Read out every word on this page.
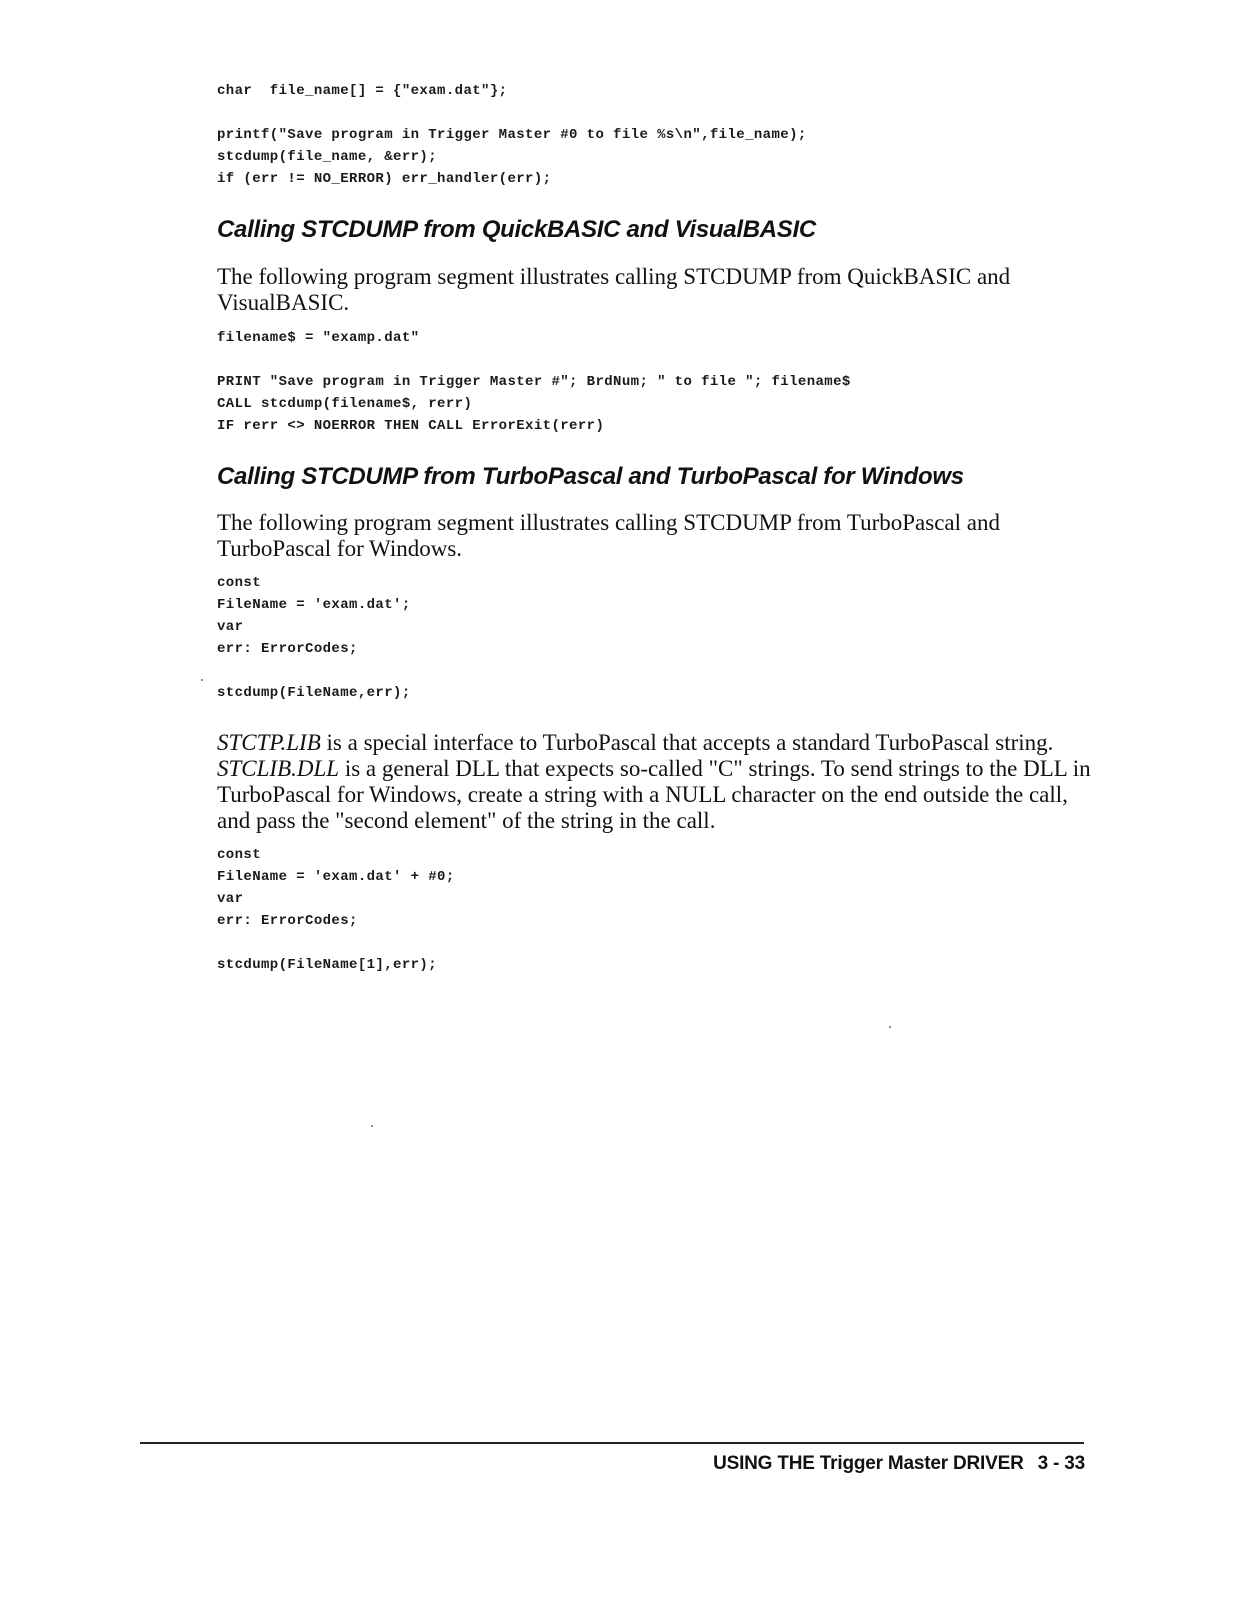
char  file_name[] = {"exam.dat"};

printf("Save program in Trigger Master #0 to file %s\n",file_name);
stcdump(file_name, &err);
if (err != NO_ERROR) err_handler(err);
Calling STCDUMP from QuickBASIC and VisualBASIC

The following program segment illustrates calling STCDUMP from QuickBASIC and VisualBASIC.

filename$ = "examp.dat"

PRINT "Save program in Trigger Master #"; BrdNum; " to file "; filename$
CALL stcdump(filename$, rerr)
IF rerr <> NOERROR THEN CALL ErrorExit(rerr)
Calling STCDUMP from TurboPascal and TurboPascal for Windows

The following program segment illustrates calling STCDUMP from TurboPascal and TurboPascal for Windows.

const
FileName = 'exam.dat';
var
err: ErrorCodes;

stcdump(FileName,err);

STCTP.LIB is a special interface to TurboPascal that accepts a standard TurboPascal string. STCLIB.DLL is a general DLL that expects so-called "C" strings. To send strings to the DLL in TurboPascal for Windows, create a string with a NULL character on the end outside the call, and pass the "second element" of the string in the call.

const
FileName = 'exam.dat' + #0;
var
err: ErrorCodes;

stcdump(FileName[1],err);
USING THE Trigger Master DRIVER 3 - 33
